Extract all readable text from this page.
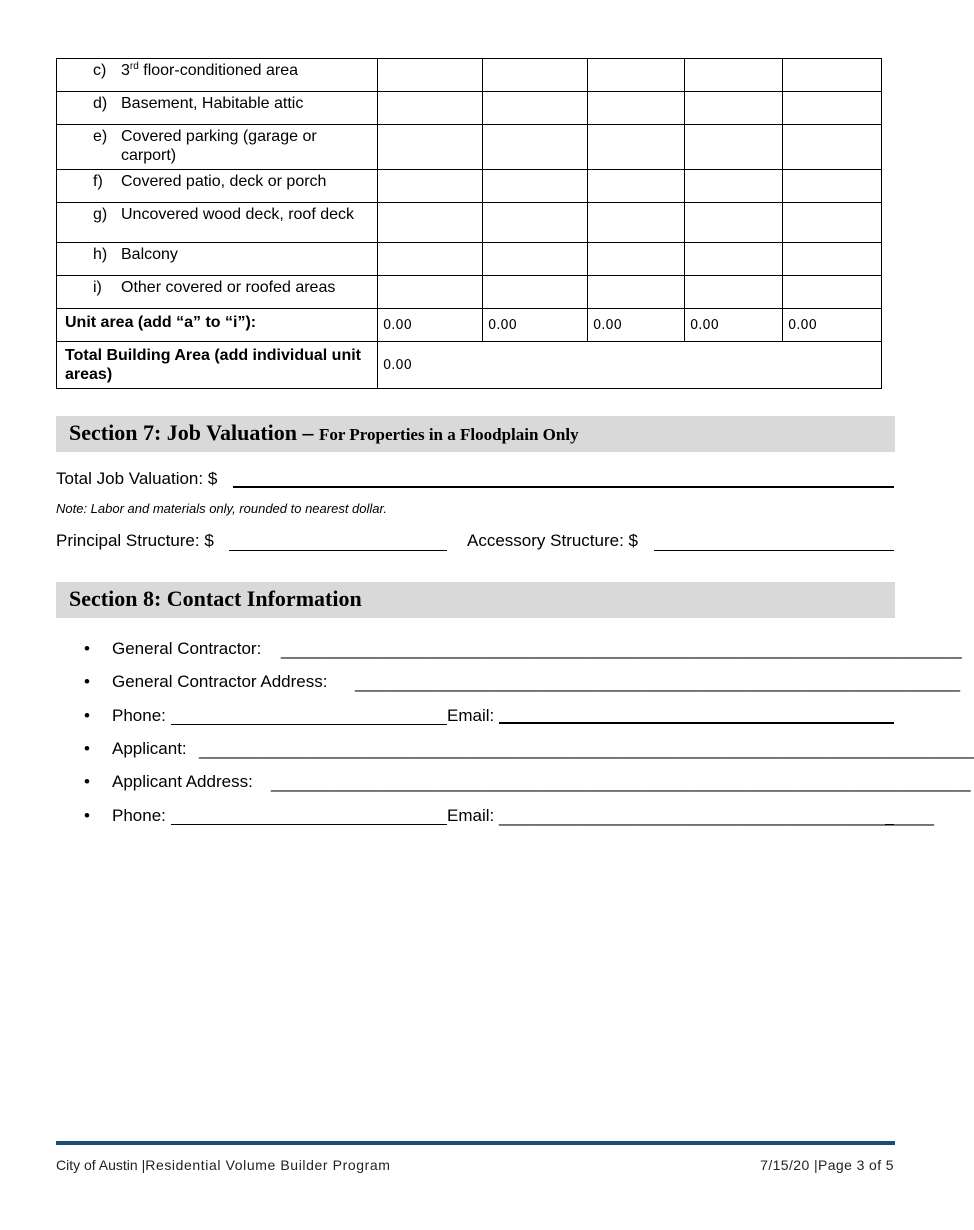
c) 3rd floor-conditioned area					

d) Basement, Habitable attic					

e) Covered parking (garage or carport)					

f) Covered patio, deck or porch					

g) Uncovered wood deck, roof deck					

h) Balcony					

i) Other covered or roofed areas					

Unit area (add “a” to “i”):	0.00	0.00	0.00	0.00	0.00
Total Building Area (add individual unit areas)	0.00				
Section 7: Job Valuation – For Properties in a Floodplain Only
Total Job Valuation: $
Note: Labor and materials only, rounded to nearest dollar.
Principal Structure: $	Accessory Structure: $
Section 8: Contact Information
• General Contractor: ________________________________________________________________________
• General Contractor Address: ________________________________________________________________
• Phone:	Email:
• Applicant: __________________________________________________________________________________
• Applicant Address: __________________________________________________________________________
• Phone:	Email: ______________________________________________
City of Austin |Residential Volume Builder Program	7/15/20 |Page 3 of 5
